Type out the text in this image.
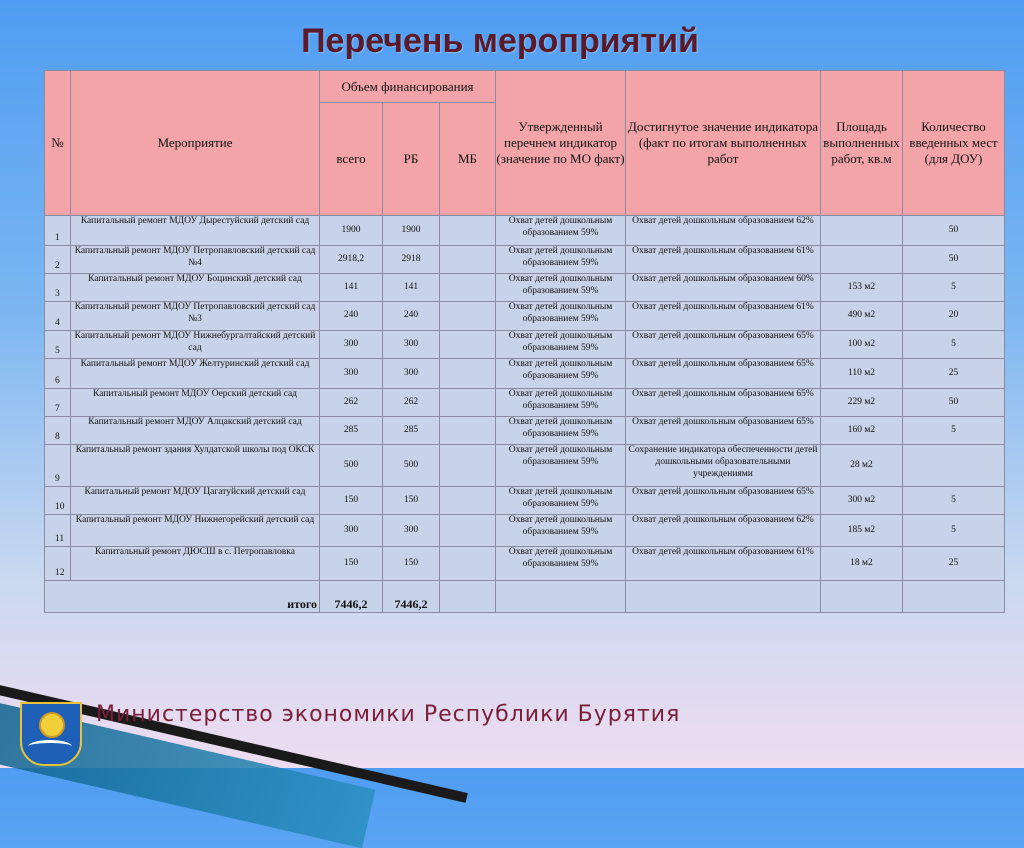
Перечень мероприятий
№	Мероприятие	Объем финансирования			Утвержденный перечнем индикатор (значение по МО факт)	Достигнутое значение индикатора (факт по итогам выполненных работ	Площадь выполненных работ, кв.м	Количество введенных мест (для ДОУ)
		всего	РБ	МБ				
1	Капитальный ремонт МДОУ Дырестуйский детский сад	1900	1900		Охват детей дошкольным образованием 59%	Охват детей дошкольным образованием 62%		50
2	Капитальный ремонт МДОУ Петропавловский детский сад №4	2918,2	2918		Охват детей дошкольным образованием 59%	Охват детей дошкольным образованием 61%		50
3	Капитальный ремонт МДОУ Боцинский детский сад	141	141		Охват детей дошкольным образованием 59%	Охват детей дошкольным образованием 60%	153 м2	5
4	Капитальный ремонт МДОУ Петропавловский детский сад №3	240	240		Охват детей дошкольным образованием 59%	Охват детей дошкольным образованием 61%	490 м2	20
5	Капитальный ремонт МДОУ Нижнебургалтайский детский сад	300	300		Охват детей дошкольным образованием 59%	Охват детей дошкольным образованием 65%	100 м2	5
6	Капитальный ремонт МДОУ Желтуринский детский сад	300	300		Охват детей дошкольным образованием 59%	Охват детей дошкольным образованием 65%	110 м2	25
7	Капитальный ремонт МДОУ Оерский детский сад	262	262		Охват детей дошкольным образованием 59%	Охват детей дошкольным образованием 65%	229 м2	50
8	Капитальный ремонт МДОУ Алцакский детский сад	285	285		Охват детей дошкольным образованием 59%	Охват детей дошкольным образованием 65%	160 м2	5
9	Капитальный ремонт здания Хулдатской школы под ОКСК	500	500		Охват детей дошкольным образованием 59%	Сохранение индикатора обеспеченности детей дошкольными образовательными учреждениями	28 м2	
10	Капитальный ремонт МДОУ Цагатуйский детский сад	150	150		Охват детей дошкольным образованием 59%	Охват детей дошкольным образованием 65%	300 м2	5
11	Капитальный ремонт МДОУ Нижнегорейский детский сад	300	300		Охват детей дошкольным образованием 59%	Охват детей дошкольным образованием 62%	185 м2	5
12	Капитальный ремонт ДЮСШ в с. Петропавловка	150	150		Охват детей дошкольным образованием 59%	Охват детей дошкольным образованием 61%	18 м2	25
итого		7446,2	7446,2					
Министерство экономики Республики Бурятия
